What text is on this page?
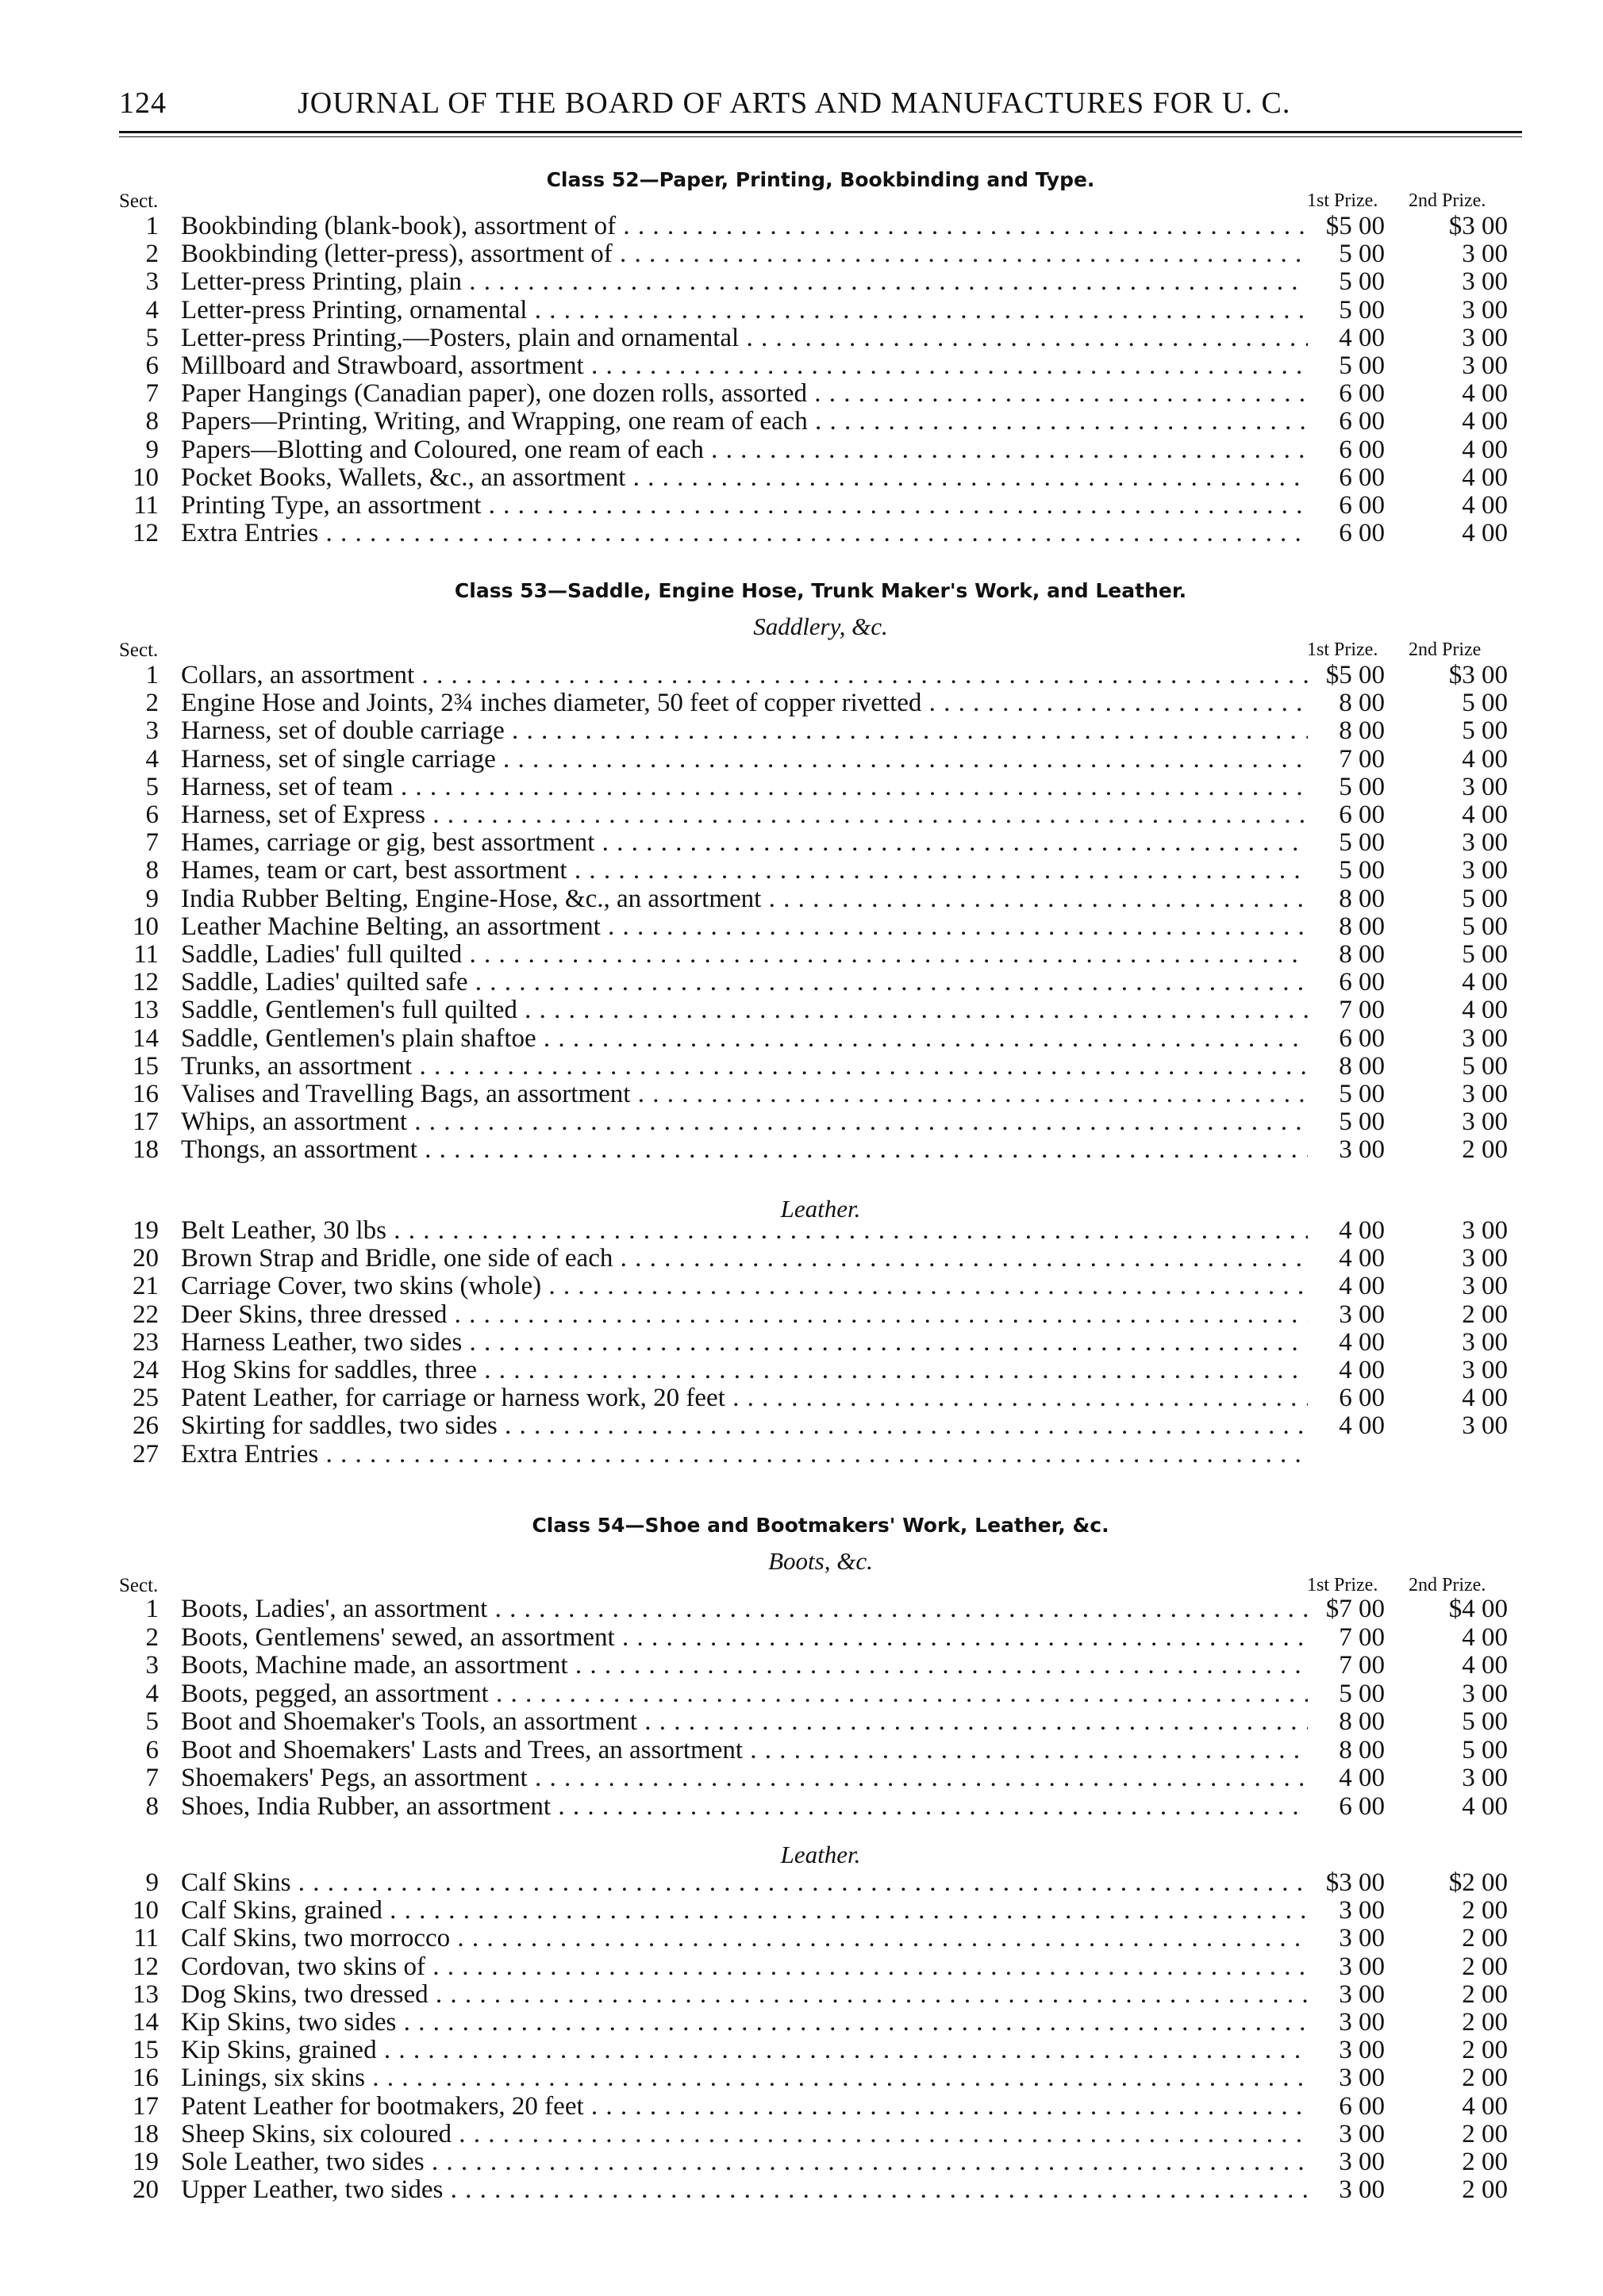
124	JOURNAL OF THE BOARD OF ARTS AND MANUFACTURES FOR U. C.
Class 52—Paper, Printing, Bookbinding and Type.
Sect.	1st Prize. 2nd Prize.
1 Bookbinding (blank-book), assortment of . . .	$5 00	$3 00
2 Bookbinding (letter-press), assortment of . . .	5 00	3 00
3 Letter-press Printing, plain . . .	5 00	3 00
4 Letter-press Printing, ornamental . . .	5 00	3 00
5 Letter-press Printing,—Posters, plain and ornamental . . .	4 00	3 00
6 Millboard and Strawboard, assortment . . .	5 00	3 00
7 Paper Hangings (Canadian paper), one dozen rolls, assorted . . .	6 00	4 00
8 Papers—Printing, Writing, and Wrapping, one ream of each . . .	6 00	4 00
9 Papers—Blotting and Coloured, one ream of each . . .	6 00	4 00
10 Pocket Books, Wallets, &c., an assortment . . .	6 00	4 00
11 Printing Type, an assortment . . .	6 00	4 00
12 Extra Entries . . .	6 00	4 00
Class 53—Saddle, Engine Hose, Trunk Maker's Work, and Leather.
Saddlery, &c.
Sect.	1st Prize. 2nd Prize
1 Collars, an assortment . . .	$5 00	$3 00
2 Engine Hose and Joints, 2¾ inches diameter, 50 feet of copper rivetted . . .	8 00	5 00
3 Harness, set of double carriage . . .	8 00	5 00
4 Harness, set of single carriage . . .	7 00	4 00
5 Harness, set of team . . .	5 00	3 00
6 Harness, set of Express . . .	6 00	4 00
7 Hames, carriage or gig, best assortment . . .	5 00	3 00
8 Hames, team or cart, best assortment . . .	5 00	3 00
9 India Rubber Belting, Engine-Hose, &c., an assortment . . .	8 00	5 00
10 Leather Machine Belting, an assortment . . .	8 00	5 00
11 Saddle, Ladies' full quilted . . .	8 00	5 00
12 Saddle, Ladies' quilted safe . . .	6 00	4 00
13 Saddle, Gentlemen's full quilted . . .	7 00	4 00
14 Saddle, Gentlemen's plain shaftoe . . .	6 00	3 00
15 Trunks, an assortment . . .	8 00	5 00
16 Valises and Travelling Bags, an assortment . . .	5 00	3 00
17 Whips, an assortment . . .	5 00	3 00
18 Thongs, an assortment . . .	3 00	2 00
Leather.
19 Belt Leather, 30 lbs . . .	4 00	3 00
20 Brown Strap and Bridle, one side of each . . .	4 00	3 00
21 Carriage Cover, two skins (whole) . . .	4 00	3 00
22 Deer Skins, three dressed . . .	3 00	2 00
23 Harness Leather, two sides . . .	4 00	3 00
24 Hog Skins for saddles, three . . .	4 00	3 00
25 Patent Leather, for carriage or harness work, 20 feet . . .	6 00	4 00
26 Skirting for saddles, two sides . . .	4 00	3 00
27 Extra Entries . . .
Class 54—Shoe and Bootmakers' Work, Leather, &c.
Boots, &c.
Sect.	1st Prize. 2nd Prize.
1 Boots, Ladies', an assortment . . .	$7 00	$4 00
2 Boots, Gentlemens' sewed, an assortment . . .	7 00	4 00
3 Boots, Machine made, an assortment . . .	7 00	4 00
4 Boots, pegged, an assortment . . .	5 00	3 00
5 Boot and Shoemaker's Tools, an assortment . . .	8 00	5 00
6 Boot and Shoemakers' Lasts and Trees, an assortment . . .	8 00	5 00
7 Shoemakers' Pegs, an assortment . . .	4 00	3 00
8 Shoes, India Rubber, an assortment . . .	6 00	4 00
Leather.
9 Calf Skins . . .	$3 00	$2 00
10 Calf Skins, grained . . .	3 00	2 00
11 Calf Skins, two morrocco . . .	3 00	2 00
12 Cordovan, two skins of . . .	3 00	2 00
13 Dog Skins, two dressed . . .	3 00	2 00
14 Kip Skins, two sides . . .	3 00	2 00
15 Kip Skins, grained . . .	3 00	2 00
16 Linings, six skins . . .	3 00	2 00
17 Patent Leather for bootmakers, 20 feet . . .	6 00	4 00
18 Sheep Skins, six coloured . . .	3 00	2 00
19 Sole Leather, two sides . . .	3 00	2 00
20 Upper Leather, two sides . . .	3 00	2 00
